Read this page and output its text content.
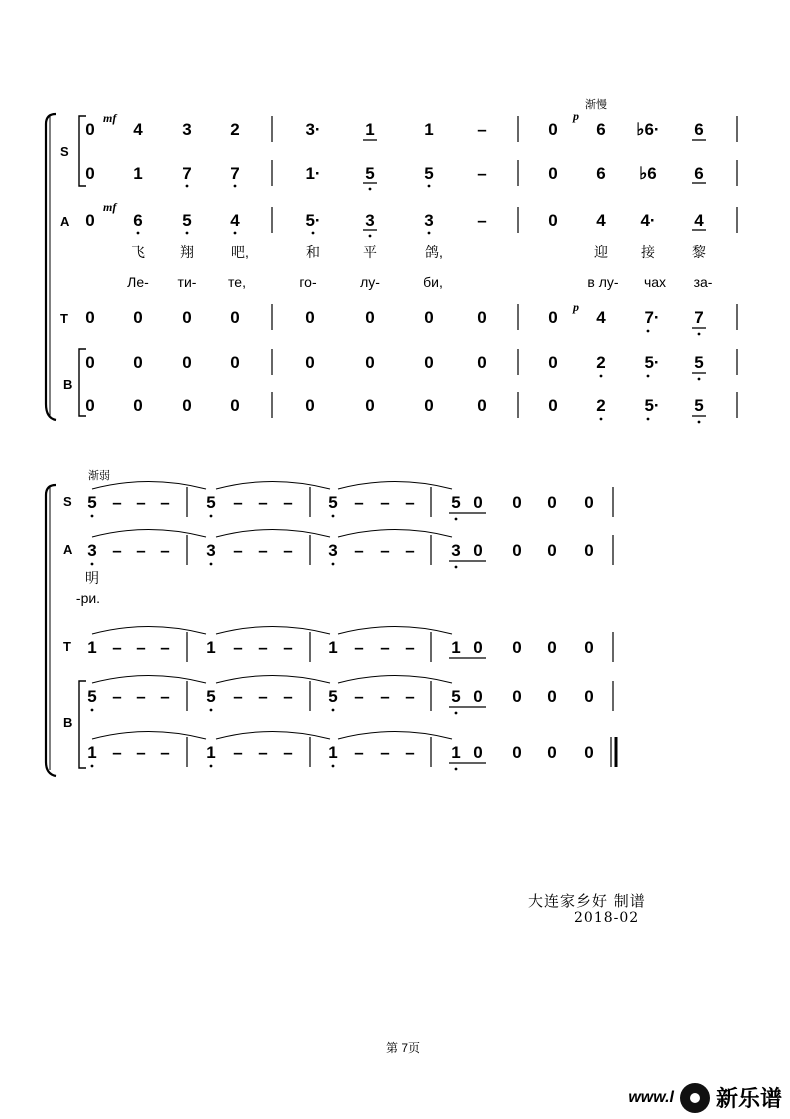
S
A
T
B
渐慢
mf
mf
p
p
0 4 3 2	3·	1	1	–	0 6 ♭6· 6
0 1 7 7	1·	5	5	–	0 6 ♭6 6
0 6 5 4	5·	3	3	–	0 4 4· 4
飞	翔	吧,	和	平	鸽,	迎 接	黎
Ле- ти- те,	го-	лу-	би,	в лу- чах за-
0 0 0 0	0	0	0	0	0 4 7· 7
0 0 0 0	0	0	0	0	0 2 5· 5
0 0 0 0	0	0	0	0	0 2 5· 5
S
A
T
B
渐弱
5 – – – 5 – – – 5 – – – 5 0 0 0 0
3 – – – 3 – – – 3 – – – 3 0 0 0 0
明
-ри.
1 – – – 1 – – – 1 – – – 1 0 0 0 0
5 – – – 5 – – – 5 – – – 5 0 0 0 0
1 – – – 1 – – – 1 – – – 1 0 0 0 0
大连家乡好 制谱
2018-02
第 7页
www.l 新乐谱
